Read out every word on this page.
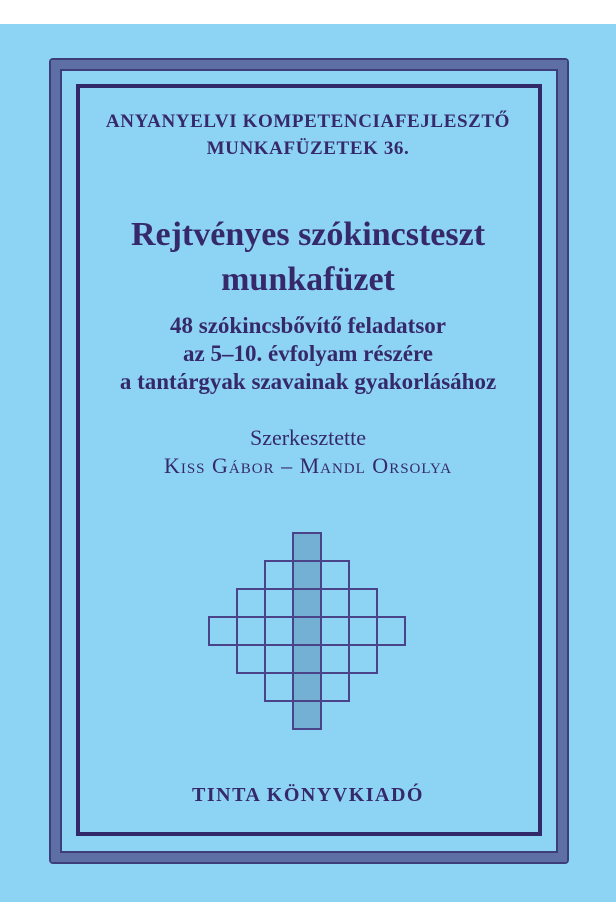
ANYANYELVI KOMPETENCIAFEJLESZTŐ
MUNKAFÜZETEK 36.
Rejtvényes szókincsteszt
munkafüzet
48 szókincsbővítő feladatsor
az 5–10. évfolyam részére
a tantárgyak szavainak gyakorlásához
Szerkesztette
Kiss Gábor – Mandl Orsolya
TINTA KÖNYVKIADÓ
